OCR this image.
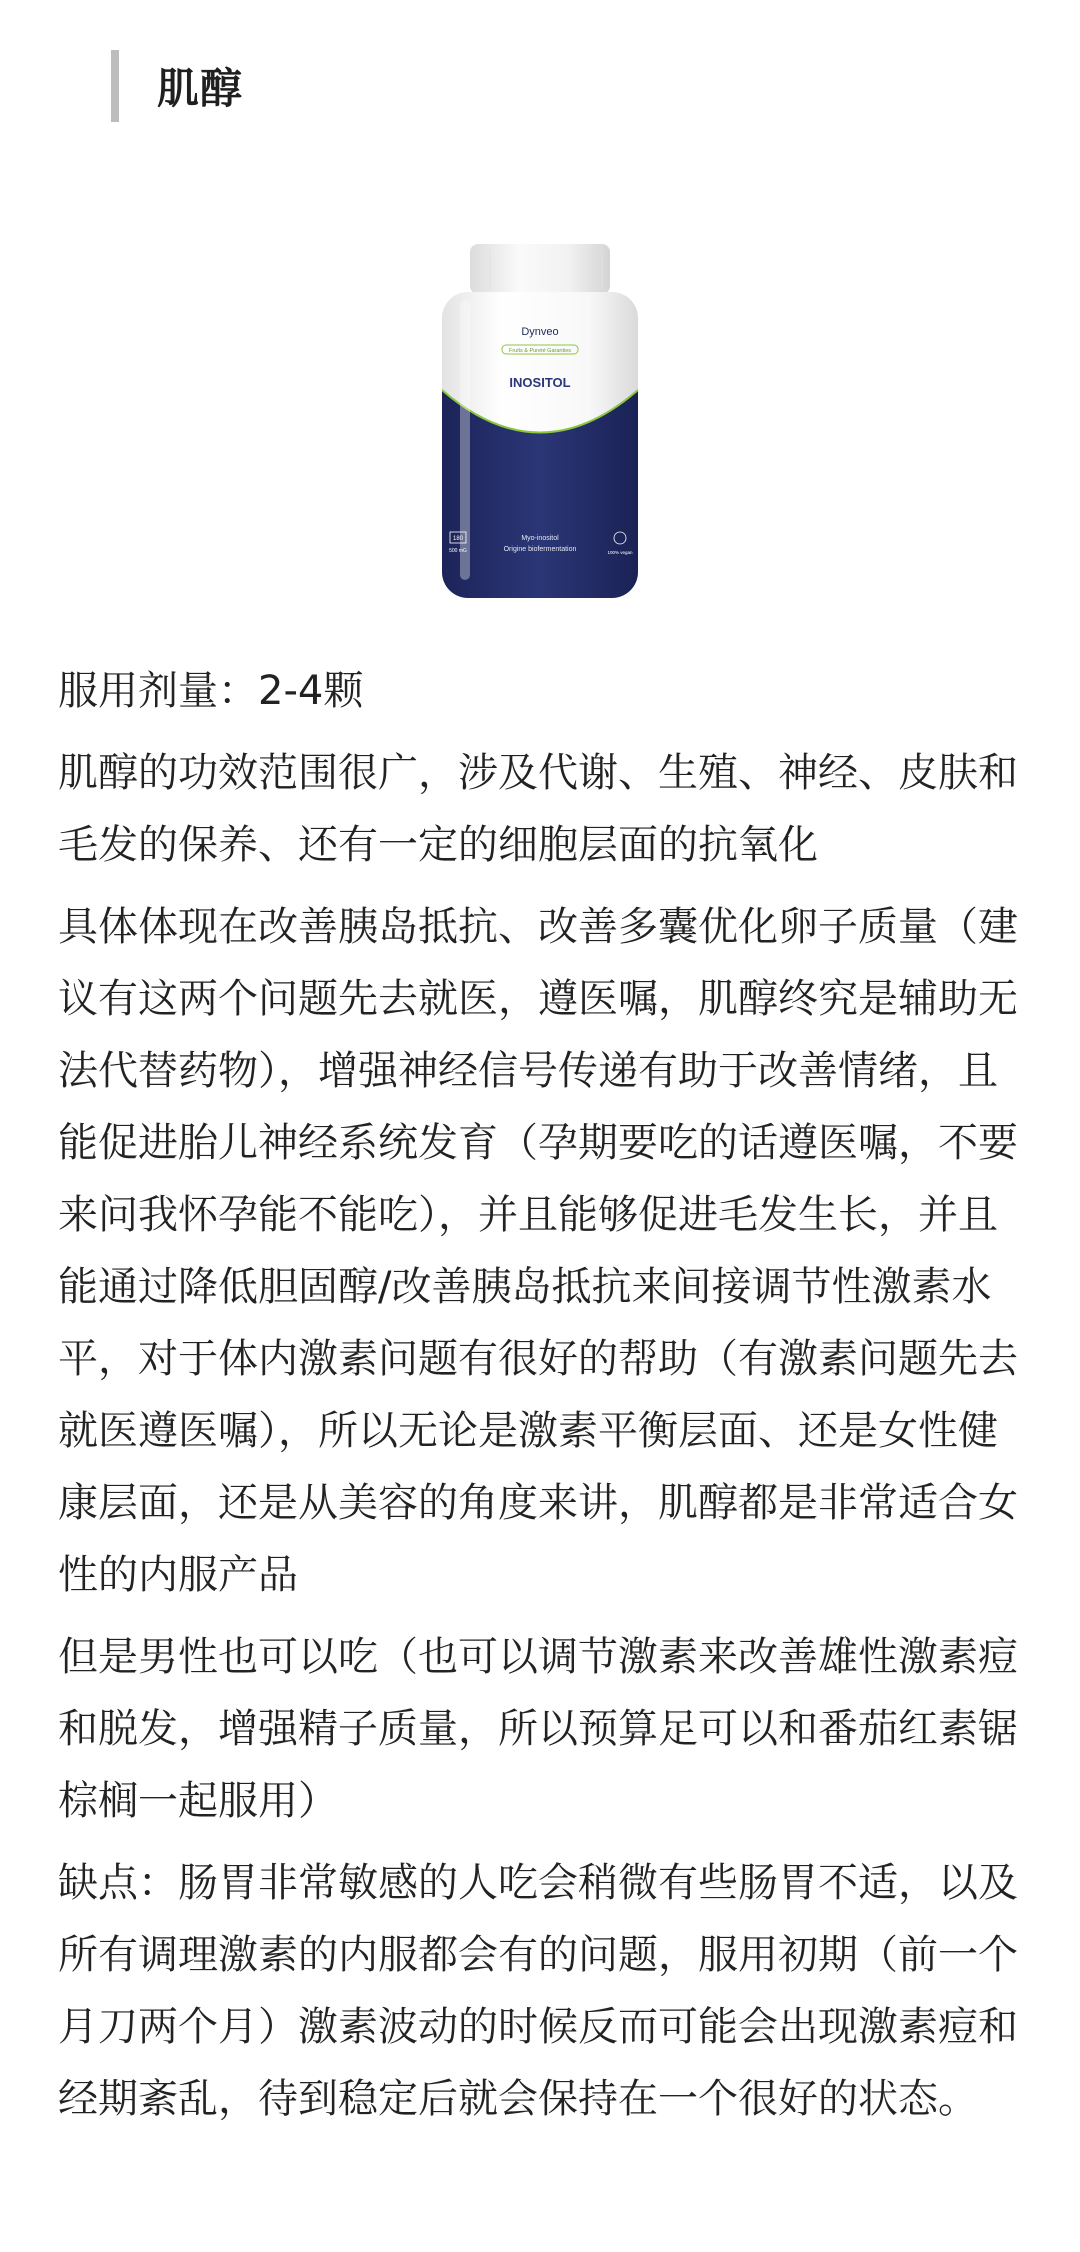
肌醇
Dynveo
Fruits & Pureté Garanties
INOSITOL
Myo-inositol
Origine biofermentation
180
500 mG	100% vegan

服用剂量：2-4颗

肌醇的功效范围很广，涉及代谢、生殖、神经、皮肤和毛发的保养、还有一定的细胞层面的抗氧化

具体体现在改善胰岛抵抗、改善多囊优化卵子质量（建议有这两个问题先去就医，遵医嘱，肌醇终究是辅助无法代替药物），增强神经信号传递有助于改善情绪，且能促进胎儿神经系统发育（孕期要吃的话遵医嘱，不要来问我怀孕能不能吃），并且能够促进毛发生长，并且能通过降低胆固醇/改善胰岛抵抗来间接调节性激素水平，对于体内激素问题有很好的帮助（有激素问题先去就医遵医嘱），所以无论是激素平衡层面、还是女性健康层面，还是从美容的角度来讲，肌醇都是非常适合女性的内服产品

但是男性也可以吃（也可以调节激素来改善雄性激素痘和脱发，增强精子质量，所以预算足可以和番茄红素锯棕榈一起服用）

缺点：肠胃非常敏感的人吃会稍微有些肠胃不适，以及所有调理激素的内服都会有的问题，服用初期（前一个月刀两个月）激素波动的时候反而可能会出现激素痘和经期紊乱，待到稳定后就会保持在一个很好的状态。
